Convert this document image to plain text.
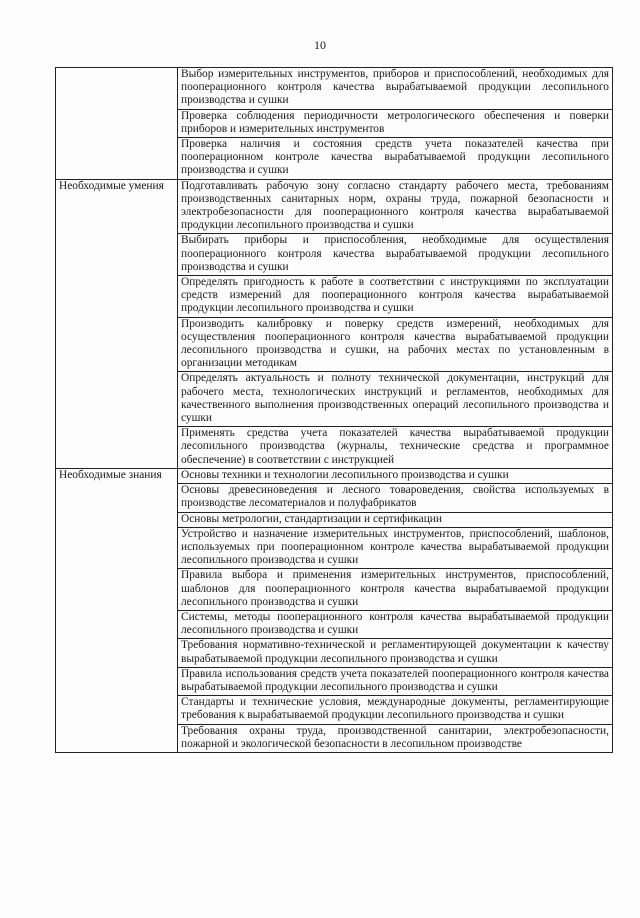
10
	Выбор измерительных инструментов, приборов и приспособлений, необходимых для пооперационного контроля качества вырабатываемой продукции лесопильного производства и сушки
	Проверка соблюдения периодичности метрологического обеспечения и поверки приборов и измерительных инструментов
	Проверка наличия и состояния средств учета показателей качества при пооперационном контроле качества вырабатываемой продукции лесопильного производства и сушки
Необходимые умения	Подготавливать рабочую зону согласно стандарту рабочего места, требованиям производственных санитарных норм, охраны труда, пожарной безопасности и электробезопасности для пооперационного контроля качества вырабатываемой продукции лесопильного производства и сушки
	Выбирать приборы и приспособления, необходимые для осуществления пооперационного контроля качества вырабатываемой продукции лесопильного производства и сушки
	Определять пригодность к работе в соответствии с инструкциями по эксплуатации средств измерений для пооперационного контроля качества вырабатываемой продукции лесопильного производства и сушки
	Производить калибровку и поверку средств измерений, необходимых для осуществления пооперационного контроля качества вырабатываемой продукции лесопильного производства и сушки, на рабочих местах по установленным в организации методикам
	Определять актуальность и полноту технической документации, инструкций для рабочего места, технологических инструкций и регламентов, необходимых для качественного выполнения производственных операций лесопильного производства и сушки
	Применять средства учета показателей качества вырабатываемой продукции лесопильного производства (журналы, технические средства и программное обеспечение) в соответствии с инструкцией
Необходимые знания	Основы техники и технологии лесопильного производства и сушки
	Основы древесиноведения и лесного товароведения, свойства используемых в производстве лесоматериалов и полуфабрикатов
	Основы метрологии, стандартизации и сертификации
	Устройство и назначение измерительных инструментов, приспособлений, шаблонов, используемых при пооперационном контроле качества вырабатываемой продукции лесопильного производства и сушки
	Правила выбора и применения измерительных инструментов, приспособлений, шаблонов для пооперационного контроля качества вырабатываемой продукции лесопильного производства и сушки
	Системы, методы пооперационного контроля качества вырабатываемой продукции лесопильного производства и сушки
	Требования нормативно-технической и регламентирующей документации к качеству вырабатываемой продукции лесопильного производства и сушки
	Правила использования средств учета показателей пооперационного контроля качества вырабатываемой продукции лесопильного производства и сушки
	Стандарты и технические условия, международные документы, регламентирующие требования к вырабатываемой продукции лесопильного производства и сушки
	Требования охраны труда, производственной санитарии, электробезопасности, пожарной и экологической безопасности в лесопильном производстве
